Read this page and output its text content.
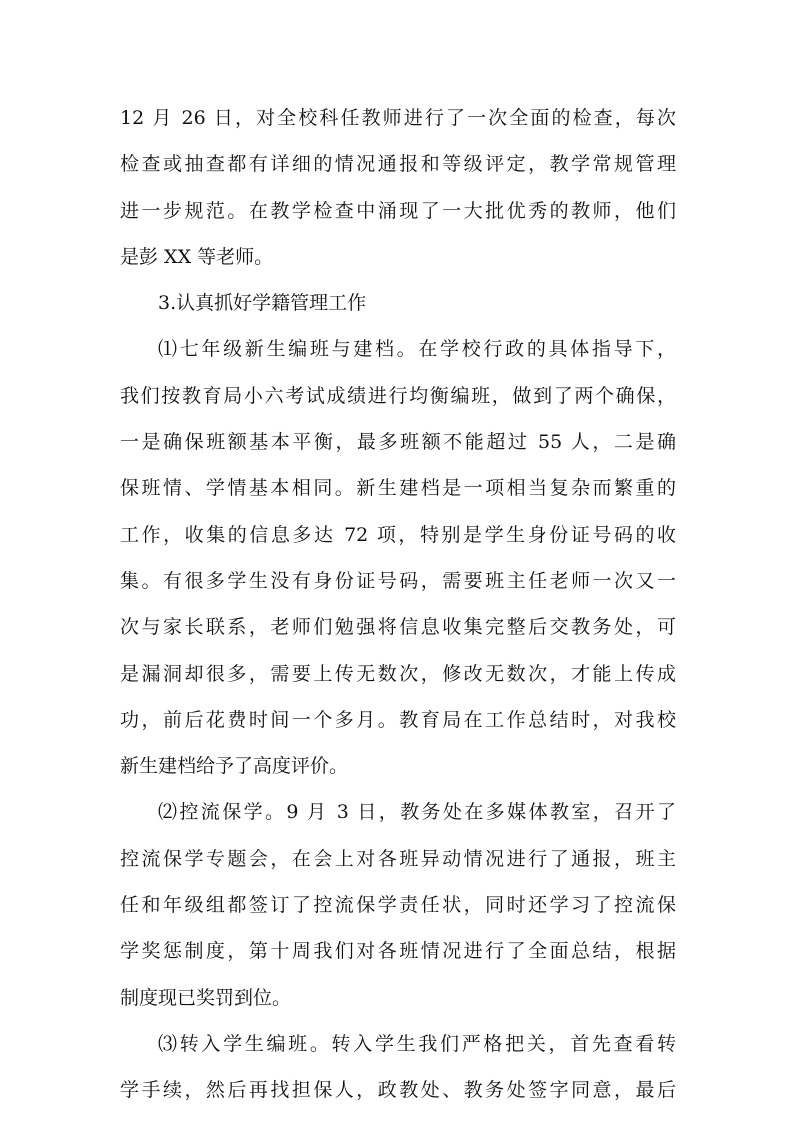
12 月 26 日，对全校科任教师进行了一次全面的检查，每次
检查或抽查都有详细的情况通报和等级评定，教学常规管理
进一步规范。在教学检查中涌现了一大批优秀的教师，他们
是彭 XX 等老师。
3.认真抓好学籍管理工作
⑴七年级新生编班与建档。在学校行政的具体指导下，
我们按教育局小六考试成绩进行均衡编班，做到了两个确保，
一是确保班额基本平衡，最多班额不能超过 55 人，二是确
保班情、学情基本相同。新生建档是一项相当复杂而繁重的
工作，收集的信息多达 72 项，特别是学生身份证号码的收
集。有很多学生没有身份证号码，需要班主任老师一次又一
次与家长联系，老师们勉强将信息收集完整后交教务处，可
是漏洞却很多，需要上传无数次，修改无数次，才能上传成
功，前后花费时间一个多月。教育局在工作总结时，对我校
新生建档给予了高度评价。
⑵控流保学。9 月 3 日，教务处在多媒体教室，召开了
控流保学专题会，在会上对各班异动情况进行了通报，班主
任和年级组都签订了控流保学责任状，同时还学习了控流保
学奖惩制度，第十周我们对各班情况进行了全面总结，根据
制度现已奖罚到位。
⑶转入学生编班。转入学生我们严格把关，首先查看转
学手续，然后再找担保人，政教处、教务处签字同意，最后
